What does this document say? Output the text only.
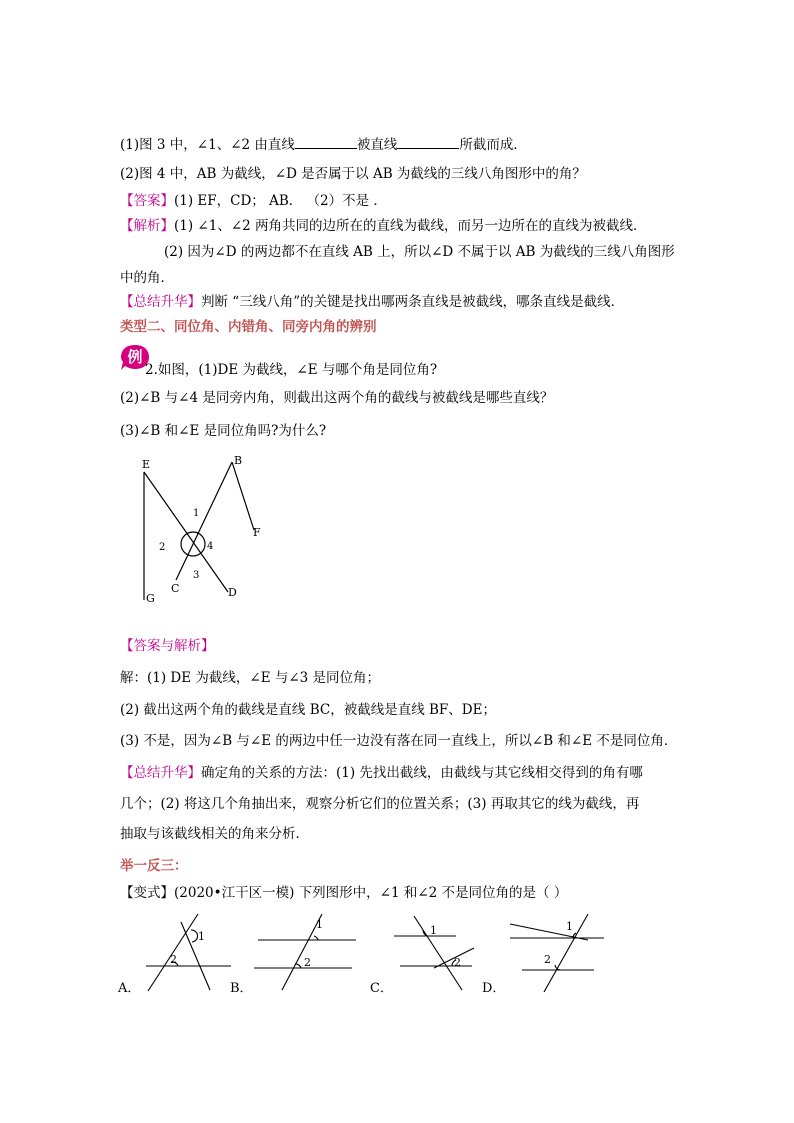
(1)图 3 中，∠1、∠2 由直线	被直线	所截而成．
(2)图 4 中，AB 为截线，∠D 是否属于以 AB 为截线的三线八角图形中的角？
【答案】(1) EF，CD； AB． （2）不是 ．
【解析】(1) ∠1、∠2 两角共同的边所在的直线为截线，而另一边所在的直线为被截线．
(2) 因为∠D 的两边都不在直线 AB 上，所以∠D 不属于以 AB 为截线的三线八角图形
中的角．
【总结升华】判断 “三线八角”的关键是找出哪两条直线是被截线，哪条直线是截线．
类型二、同位角、内错角、同旁内角的辨别
例
2.如图，(1)DE 为截线，∠E 与哪个角是同位角?
(2)∠B 与∠4 是同旁内角，则截出这两个角的截线与被截线是哪些直线？
(3)∠B 和∠E 是同位角吗?为什么?
E	B
F
G
C	D
1
2
3
4
【答案与解析】
解：(1) DE 为截线，∠E 与∠3 是同位角；
(2) 截出这两个角的截线是直线 BC，被截线是直线 BF、DE；
(3) 不是，因为∠B 与∠E 的两边中任一边没有落在同一直线上，所以∠B 和∠E 不是同位角．
【总结升华】确定角的关系的方法：(1) 先找出截线，由截线与其它线相交得到的角有哪
几个；(2) 将这几个角抽出来，观察分析它们的位置关系；(3) 再取其它的线为截线，再
抽取与该截线相关的角来分析．
举一反三：
【变式】(2020•江干区一模) 下列图形中，∠1 和∠2 不是同位角的是（ ）
1
2
1
2
1
2
1
2
A．	B．	C．	D．
